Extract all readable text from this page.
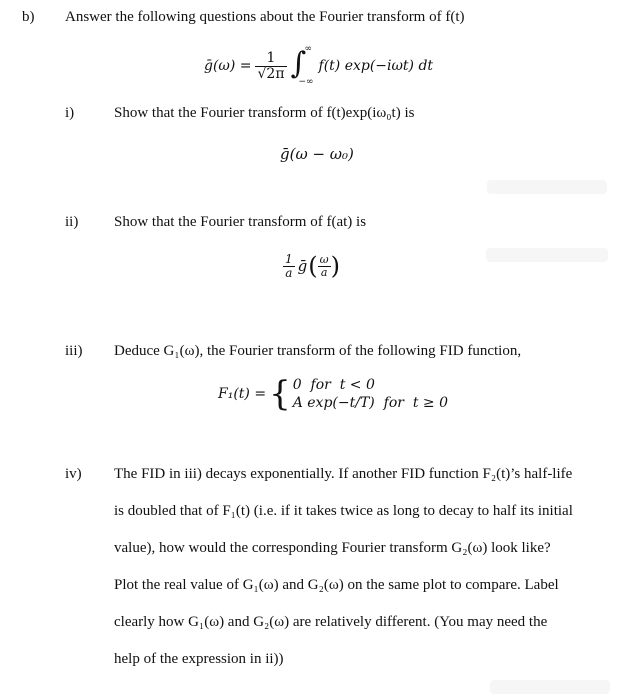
b) Answer the following questions about the Fourier transform of f(t)
ḡ(ω) = $\frac{1}{√2\pi}$ ∫
∞
−∞
f(t) exp(−iωt) dt
i)	Show that the Fourier transform of f(t)exp(iω₀t) is
ḡ(ω − ω₀)
ii) Show that the Fourier transform of f(at) is
$\frac{1}{a}$ ḡ ( $\frac{\omega}{a}$ )
iii) Deduce G₁(ω), the Fourier transform of the following FID function,
F₁(t) = { 0  for  t < 0
A exp(−t/T)  for  t ≥ 0
iv) The FID in iii) decays exponentially. If another FID function F₂(t)’s half-life
is doubled that of F₁(t) (i.e. if it takes twice as long to decay to half its initial
value), how would the corresponding Fourier transform G₂(ω) look like?
Plot the real value of G₁(ω) and G₂(ω) on the same plot to compare. Label
clearly how G₁(ω) and G₂(ω) are relatively different. (You may need the
help of the expression in ii))
